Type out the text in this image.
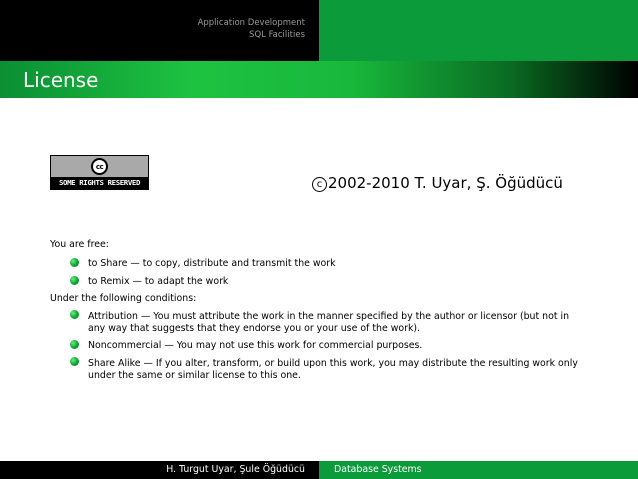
Application Development
SQL Facilities
License
cc
SOME RIGHTS RESERVED	c 2002-2010 T. Uyar, Ş. Öğüdücü
You are free:
to Share — to copy, distribute and transmit the work
to Remix — to adapt the work
Under the following conditions:
Attribution — You must attribute the work in the manner specified by the author or licensor (but not in any way that suggests that they endorse you or your use of the work).
Noncommercial — You may not use this work for commercial purposes.
Share Alike — If you alter, transform, or build upon this work, you may distribute the resulting work only under the same or similar license to this one.
H. Turgut Uyar, Şule Öğüdücü	Database Systems
